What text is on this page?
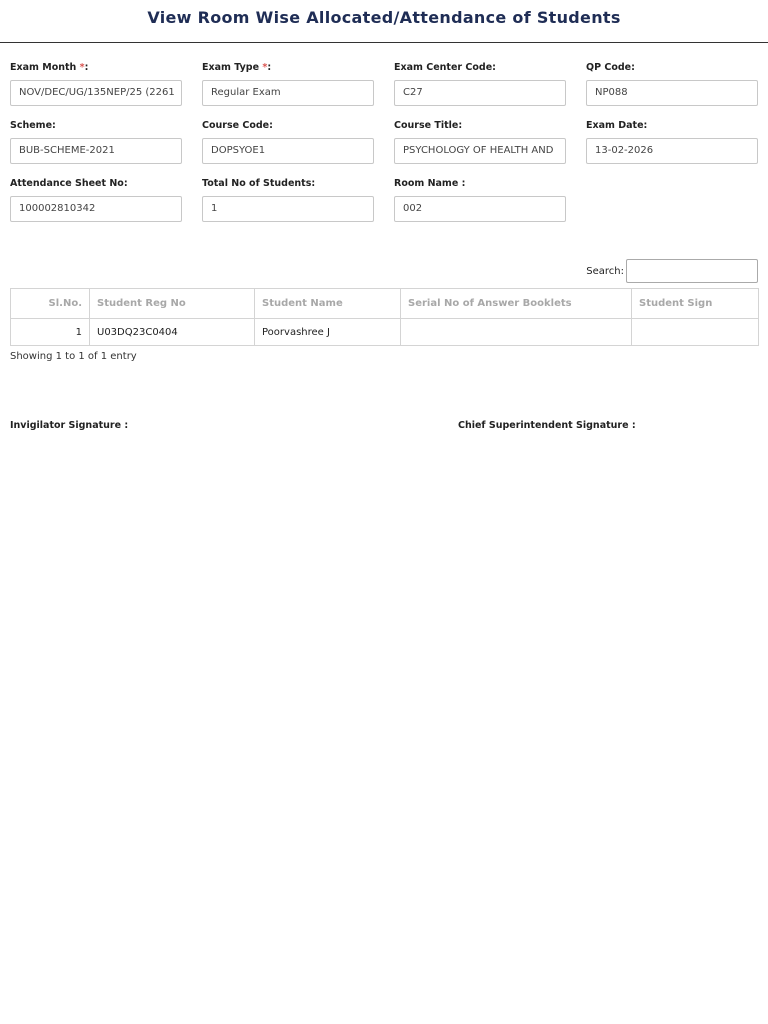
View Room Wise Allocated/Attendance of Students
Exam Month *:
NOV/DEC/UG/135NEP/25 (2261
Exam Type *:
Regular Exam
Exam Center Code:
C27
QP Code:
NP088
Scheme:
BUB-SCHEME-2021
Course Code:
DOPSYOE1
Course Title:
PSYCHOLOGY OF HEALTH AND
Exam Date:
13-02-2026
Attendance Sheet No:
100002810342
Total No of Students:
1
Room Name :
002
Search:
Sl.No.	Student Reg No	Student Name	Serial No of Answer Booklets	Student Sign
1	U03DQ23C0404	Poorvashree J		
Showing 1 to 1 of 1 entry
Invigilator Signature :	Chief Superintendent Signature :
